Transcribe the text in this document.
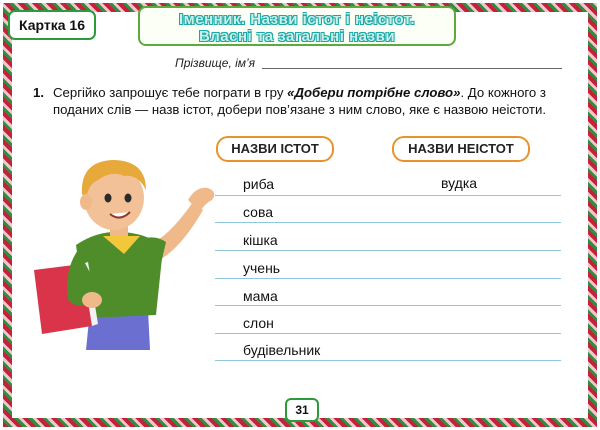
Картка 16	Іменник. Назви істот і неістот.
Власні та загальні назви
Прізвище, ім’я
1. Сергійко запрошує тебе пограти в гру «Добери потрібне слово». До кожного з поданих слів — назв істот, добери пов’язане з ним слово, яке є назвою неістоти.
НАЗВИ ІСТОТ	НАЗВИ НЕІСТОТ
риба
сова
кішка
учень
мама
слон
будівельник
вудка
31
